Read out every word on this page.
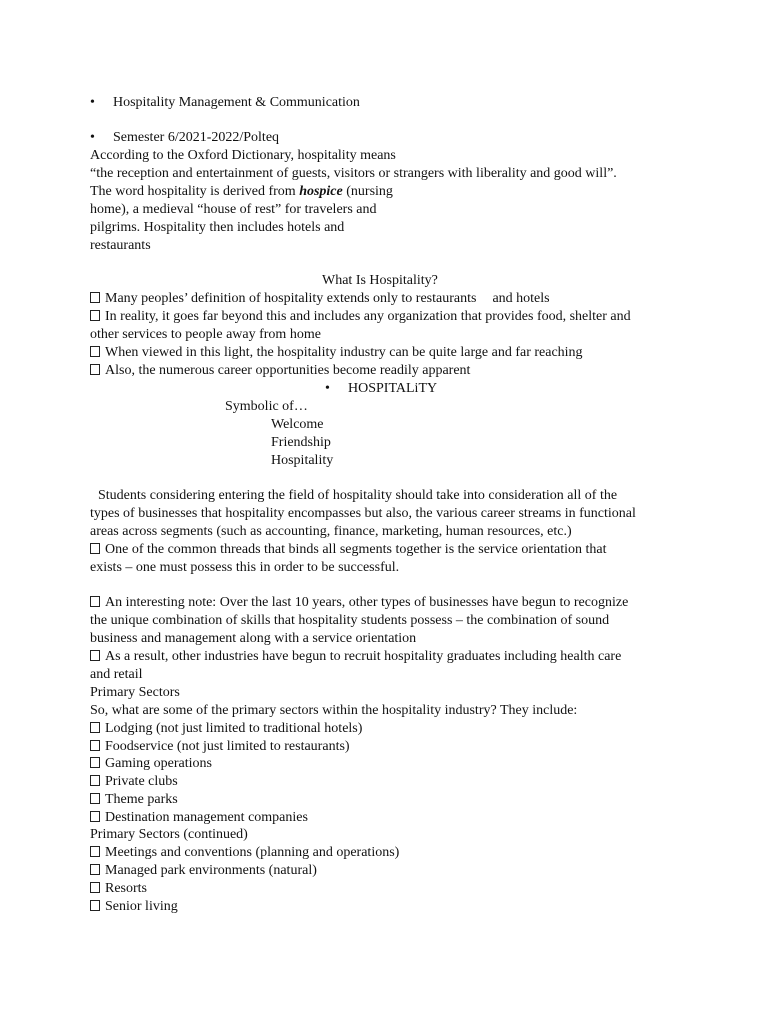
• Hospitality Management & Communication
• Semester 6/2021-2022/Polteq
According to the Oxford Dictionary, hospitality means
“the reception and entertainment of guests, visitors or strangers with liberality and good will”.
The word hospitality is derived from hospice (nursing
home), a medieval “house of rest” for travelers and
pilgrims. Hospitality then includes hotels and
restaurants
What Is Hospitality?
Many peoples’ definition of hospitality extends only to restaurants and hotels
In reality, it goes far beyond this and includes any organization that provides food, shelter and
other services to people away from home
When viewed in this light, the hospitality industry can be quite large and far reaching
Also, the numerous career opportunities become readily apparent
• HOSPITALiTY
Symbolic of…
Welcome
Friendship
Hospitality
Students considering entering the field of hospitality should take into consideration all of the
types of businesses that hospitality encompasses but also, the various career streams in functional
areas across segments (such as accounting, finance, marketing, human resources, etc.)
One of the common threads that binds all segments together is the service orientation that
exists – one must possess this in order to be successful.
An interesting note: Over the last 10 years, other types of businesses have begun to recognize
the unique combination of skills that hospitality students possess – the combination of sound
business and management along with a service orientation
As a result, other industries have begun to recruit hospitality graduates including health care
and retail
Primary Sectors
So, what are some of the primary sectors within the hospitality industry? They include:
Lodging (not just limited to traditional hotels)
Foodservice (not just limited to restaurants)
Gaming operations
Private clubs
Theme parks
Destination management companies
Primary Sectors (continued)
Meetings and conventions (planning and operations)
Managed park environments (natural)
Resorts
Senior living
